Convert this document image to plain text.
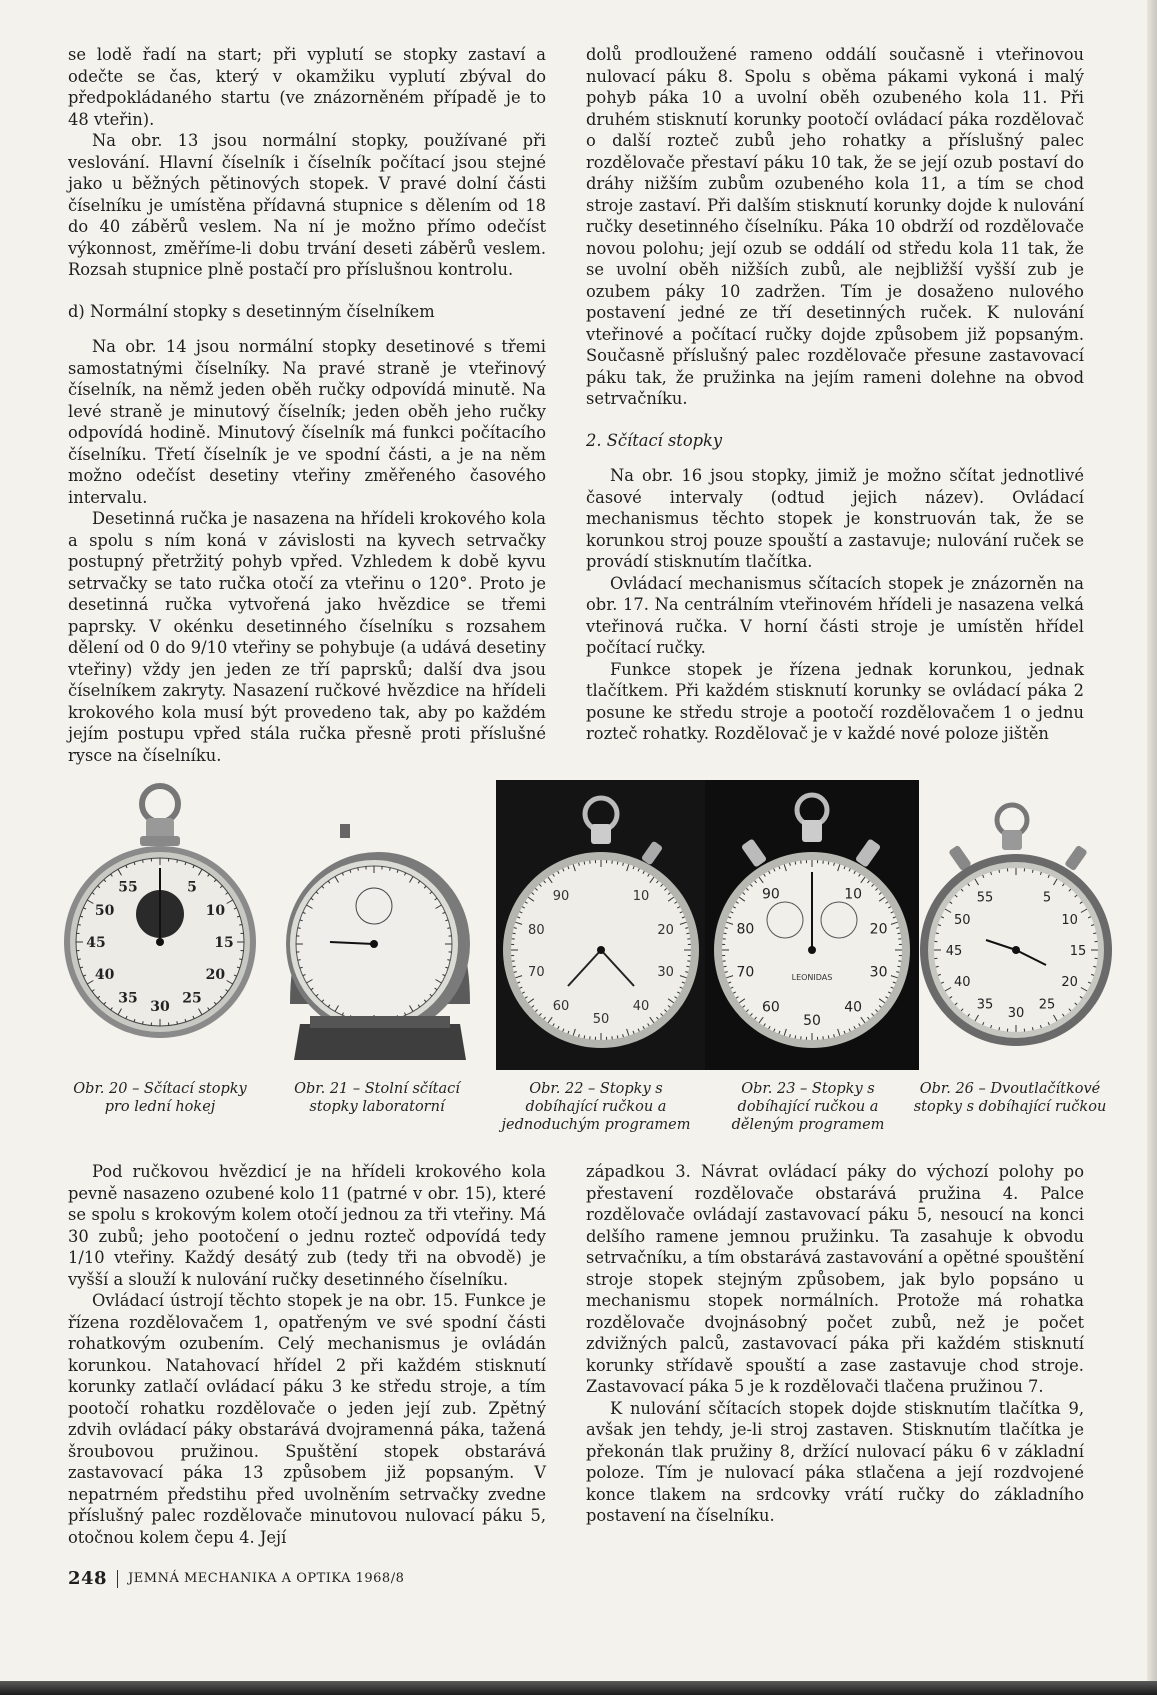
se lodě řadí na start; při vyplutí se stopky zastaví a odečte se čas, který v okamžiku vyplutí zbýval do předpokládaného startu (ve znázorněném případě je to 48 vteřin).

Na obr. 13 jsou normální stopky, používané při veslování. Hlavní číselník i číselník počítací jsou stejné jako u běžných pětinových stopek. V pravé dolní části číselníku je umístěna přídavná stupnice s dělením od 18 do 40 záběrů veslem. Na ní je možno přímo odečíst výkonnost, změříme-li dobu trvání deseti záběrů veslem. Rozsah stupnice plně postačí pro příslušnou kontrolu.

d) Normální stopky s desetinným číselníkem

Na obr. 14 jsou normální stopky desetinové s třemi samostatnými číselníky. Na pravé straně je vteřinový číselník, na němž jeden oběh ručky odpovídá minutě. Na levé straně je minutový číselník; jeden oběh jeho ručky odpovídá hodině. Minutový číselník má funkci počítacího číselníku. Třetí číselník je ve spodní části, a je na něm možno odečíst desetiny vteřiny změřeného časového intervalu.

Desetinná ručka je nasazena na hřídeli krokového kola a spolu s ním koná v závislosti na kyvech setrvačky postupný přetržitý pohyb vpřed. Vzhledem k době kyvu setrvačky se tato ručka otočí za vteřinu o 120°. Proto je desetinná ručka vytvořená jako hvězdice se třemi paprsky. V okénku desetinného číselníku s rozsahem dělení od 0 do 9/10 vteřiny se pohybuje (a udává desetiny vteřiny) vždy jen jeden ze tří paprsků; další dva jsou číselníkem zakryty. Nasazení ručkové hvězdice na hřídeli krokového kola musí být provedeno tak, aby po každém jejím postupu vpřed stála ručka přesně proti příslušné rysce na číselníku.

dolů prodloužené rameno oddálí současně i vteřinovou nulovací páku 8. Spolu s oběma pákami vykoná i malý pohyb páka 10 a uvolní oběh ozubeného kola 11. Při druhém stisknutí korunky pootočí ovládací páka rozdělovač o další rozteč zubů jeho rohatky a příslušný palec rozdělovače přestaví páku 10 tak, že se její ozub postaví do dráhy nižším zubům ozubeného kola 11, a tím se chod stroje zastaví. Při dalším stisknutí korunky dojde k nulování ručky desetinného číselníku. Páka 10 obdrží od rozdělovače novou polohu; její ozub se oddálí od středu kola 11 tak, že se uvolní oběh nižších zubů, ale nejbližší vyšší zub je ozubem páky 10 zadržen. Tím je dosaženo nulového postavení jedné ze tří desetinných ruček. K nulování vteřinové a počítací ručky dojde způsobem již popsaným. Současně příslušný palec rozdělovače přesune zastavovací páku tak, že pružinka na jejím rameni dolehne na obvod setrvačníku.

2. Sčítací stopky

Na obr. 16 jsou stopky, jimiž je možno sčítat jednotlivé časové intervaly (odtud jejich název). Ovládací mechanismus těchto stopek je konstruován tak, že se korunkou stroj pouze spouští a zastavuje; nulování ruček se provádí stisknutím tlačítka.

Ovládací mechanismus sčítacích stopek je znázorněn na obr. 17. Na centrálním vteřinovém hřídeli je nasazena velká vteřinová ručka. V horní části stroje je umístěn hřídel počítací ručky.

Funkce stopek je řízena jednak korunkou, jednak tlačítkem. Při každém stisknutí korunky se ovládací páka 2 posune ke středu stroje a pootočí rozdělovačem 1 o jednu rozteč rohatky. Rozdělovač je v každé nové poloze jištěn

5
10
15
20
25
30
35
40
45
50
55
10
20
30
40
50
60
70
80
90	10
20
30
40
50
60
70
80
90
LEONIDAS
5
10
15
20
25
30
35
40
45
50
55
Obr. 20 – Sčítací stopky pro lední hokej
Obr. 21 – Stolní sčítací stopky laboratorní
Obr. 22 – Stopky s dobíhající ručkou a jednoduchým programem
Obr. 23 – Stopky s dobíhající ručkou a děleným programem
Obr. 26 – Dvoutlačítkové stopky s dobíhající ručkou

Pod ručkovou hvězdicí je na hřídeli krokového kola pevně nasazeno ozubené kolo 11 (patrné v obr. 15), které se spolu s krokovým kolem otočí jednou za tři vteřiny. Má 30 zubů; jeho pootočení o jednu rozteč odpovídá tedy 1/10 vteřiny. Každý desátý zub (tedy tři na obvodě) je vyšší a slouží k nulování ručky desetinného číselníku.

Ovládací ústrojí těchto stopek je na obr. 15. Funkce je řízena rozdělovačem 1, opatřeným ve své spodní části rohatkovým ozubením. Celý mechanismus je ovládán korunkou. Natahovací hřídel 2 při každém stisknutí korunky zatlačí ovládací páku 3 ke středu stroje, a tím pootočí rohatku rozdělovače o jeden její zub. Zpětný zdvih ovládací páky obstarává dvojramenná páka, tažená šroubovou pružinou. Spuštění stopek obstarává zastavovací páka 13 způsobem již popsaným. V nepatrném předstihu před uvolněním setrvačky zvedne příslušný palec rozdělovače minutovou nulovací páku 5, otočnou kolem čepu 4. Její

západkou 3. Návrat ovládací páky do výchozí polohy po přestavení rozdělovače obstarává pružina 4. Palce rozdělovače ovládají zastavovací páku 5, nesoucí na konci delšího ramene jemnou pružinku. Ta zasahuje k obvodu setrvačníku, a tím obstarává zastavování a opětné spouštění stroje stopek stejným způsobem, jak bylo popsáno u mechanismu stopek normálních. Protože má rohatka rozdělovače dvojnásobný počet zubů, než je počet zdvižných palců, zastavovací páka při každém stisknutí korunky střídavě spouští a zase zastavuje chod stroje. Zastavovací páka 5 je k rozdělovači tlačena pružinou 7.

K nulování sčítacích stopek dojde stisknutím tlačítka 9, avšak jen tehdy, je-li stroj zastaven. Stisknutím tlačítka je překonán tlak pružiny 8, držící nulovací páku 6 v základní poloze. Tím je nulovací páka stlačena a její rozdvojené konce tlakem na srdcovky vrátí ručky do základního postavení na číselníku.

248 JEMNÁ MECHANIKA A OPTIKA 1968/8
